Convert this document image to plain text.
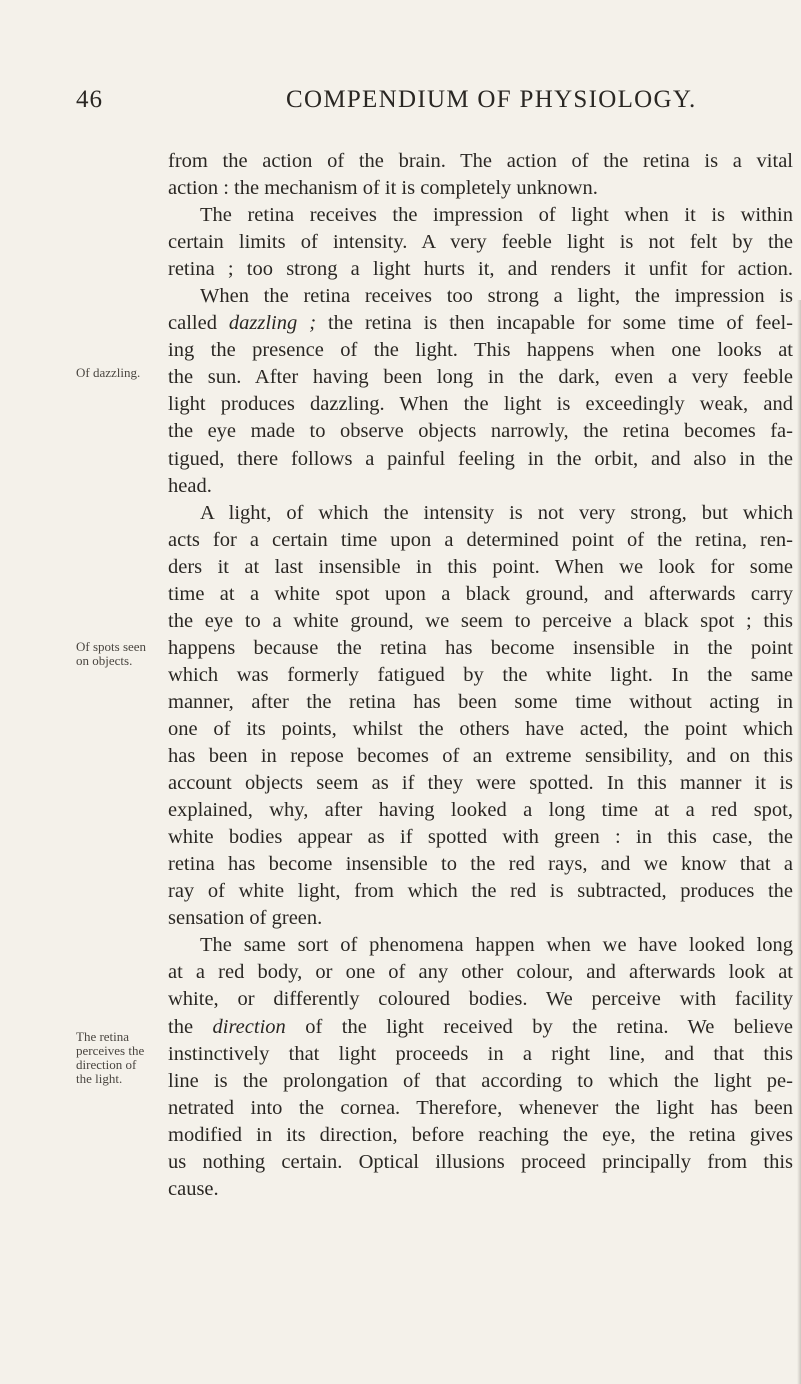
46	COMPENDIUM OF PHYSIOLOGY.
Of dazzling.
Of spots seen
on objects.
The retina
perceives the
direction of
the light.
from the action of the brain. The action of the retina is a vital
action : the mechanism of it is completely unknown.
The retina receives the impression of light when it is within
certain limits of intensity. A very feeble light is not felt by the
retina ; too strong a light hurts it, and renders it unfit for action.
When the retina receives too strong a light, the impression is
called dazzling ; the retina is then incapable for some time of feel-
ing the presence of the light. This happens when one looks at
the sun. After having been long in the dark, even a very feeble
light produces dazzling. When the light is exceedingly weak, and
the eye made to observe objects narrowly, the retina becomes fa-
tigued, there follows a painful feeling in the orbit, and also in the
head.
A light, of which the intensity is not very strong, but which
acts for a certain time upon a determined point of the retina, ren-
ders it at last insensible in this point. When we look for some
time at a white spot upon a black ground, and afterwards carry
the eye to a white ground, we seem to perceive a black spot ; this
happens because the retina has become insensible in the point
which was formerly fatigued by the white light. In the same
manner, after the retina has been some time without acting in
one of its points, whilst the others have acted, the point which
has been in repose becomes of an extreme sensibility, and on this
account objects seem as if they were spotted. In this manner it is
explained, why, after having looked a long time at a red spot,
white bodies appear as if spotted with green : in this case, the
retina has become insensible to the red rays, and we know that a
ray of white light, from which the red is subtracted, produces the
sensation of green.
The same sort of phenomena happen when we have looked long
at a red body, or one of any other colour, and afterwards look at
white, or differently coloured bodies. We perceive with facility
the direction of the light received by the retina. We believe
instinctively that light proceeds in a right line, and that this
line is the prolongation of that according to which the light pe-
netrated into the cornea. Therefore, whenever the light has been
modified in its direction, before reaching the eye, the retina gives
us nothing certain. Optical illusions proceed principally from this
cause.
